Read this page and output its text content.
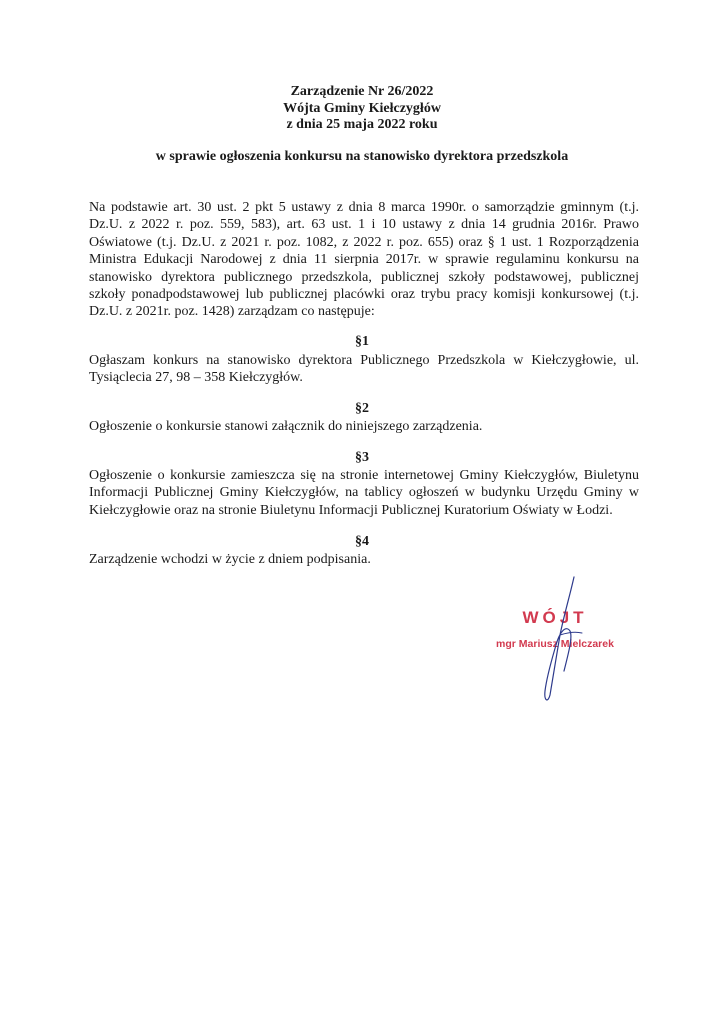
Zarządzenie Nr 26/2022
Wójta Gminy Kiełczygłów
z dnia 25 maja 2022 roku
w sprawie ogłoszenia konkursu na stanowisko dyrektora przedszkola
Na podstawie art. 30 ust. 2 pkt 5 ustawy z dnia 8 marca 1990r. o samorządzie gminnym (t.j. Dz.U. z 2022 r. poz. 559, 583), art. 63 ust. 1 i 10 ustawy z dnia 14 grudnia 2016r. Prawo Oświatowe (t.j. Dz.U. z 2021 r. poz. 1082, z 2022 r. poz. 655) oraz § 1 ust. 1 Rozporządzenia Ministra Edukacji Narodowej z dnia 11 sierpnia 2017r. w sprawie regulaminu konkursu na stanowisko dyrektora publicznego przedszkola, publicznej szkoły podstawowej, publicznej szkoły ponadpodstawowej lub publicznej placówki oraz trybu pracy komisji konkursowej (t.j. Dz.U. z 2021r. poz. 1428) zarządzam co następuje:
§1
Ogłaszam konkurs na stanowisko dyrektora Publicznego Przedszkola w Kiełczygłowie, ul. Tysiąclecia 27, 98 – 358 Kiełczygłów.
§2
Ogłoszenie o konkursie stanowi załącznik do niniejszego zarządzenia.
§3
Ogłoszenie o konkursie zamieszcza się na stronie internetowej Gminy Kiełczygłów, Biuletynu Informacji Publicznej Gminy Kiełczygłów, na tablicy ogłoszeń w budynku Urzędu Gminy w Kiełczygłowie oraz na stronie Biuletynu Informacji Publicznej Kuratorium Oświaty w Łodzi.
§4
Zarządzenie wchodzi w życie z dniem podpisania.
WÓJT
mgr Mariusz Mielczarek
